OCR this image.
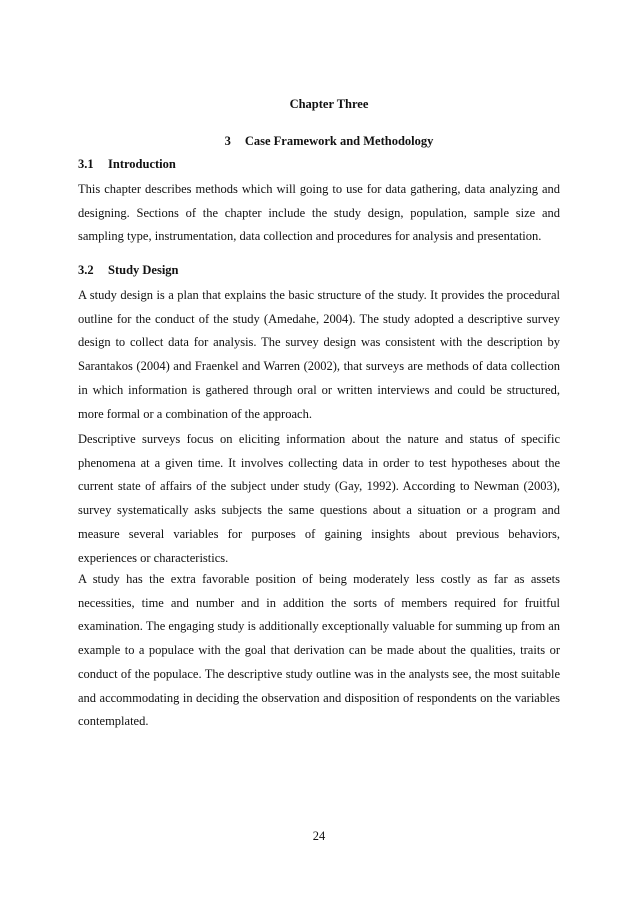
Chapter Three
3 Case Framework and Methodology
3.1 Introduction

This chapter describes methods which will going to use for data gathering, data analyzing and designing. Sections of the chapter include the study design, population, sample size and sampling type, instrumentation, data collection and procedures for analysis and presentation.

3.2 Study Design

A study design is a plan that explains the basic structure of the study. It provides the procedural outline for the conduct of the study (Amedahe, 2004). The study adopted a descriptive survey design to collect data for analysis. The survey design was consistent with the description by Sarantakos (2004) and Fraenkel and Warren (2002), that surveys are methods of data collection in which information is gathered through oral or written interviews and could be structured, more formal or a combination of the approach.

Descriptive surveys focus on eliciting information about the nature and status of specific phenomena at a given time. It involves collecting data in order to test hypotheses about the current state of affairs of the subject under study (Gay, 1992). According to Newman (2003), survey systematically asks subjects the same questions about a situation or a program and measure several variables for purposes of gaining insights about previous behaviors, experiences or characteristics.

A study has the extra favorable position of being moderately less costly as far as assets necessities, time and number and in addition the sorts of members required for fruitful examination. The engaging study is additionally exceptionally valuable for summing up from an example to a populace with the goal that derivation can be made about the qualities, traits or conduct of the populace. The descriptive study outline was in the analysts see, the most suitable and accommodating in deciding the observation and disposition of respondents on the variables contemplated.

24
